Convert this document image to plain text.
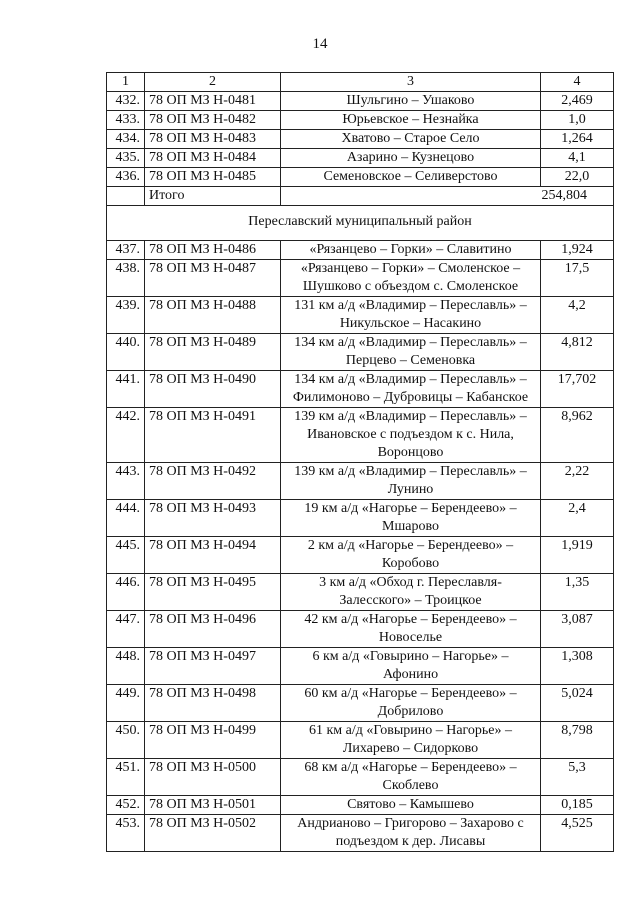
14
1	2	3	4
432.	78 ОП МЗ Н-0481	Шульгино – Ушаково	2,469
433.	78 ОП МЗ Н-0482	Юрьевское – Незнайка	1,0
434.	78 ОП МЗ Н-0483	Хватово – Старое Село	1,264
435.	78 ОП МЗ Н-0484	Азарино – Кузнецово	4,1
436.	78 ОП МЗ Н-0485	Семеновское – Селиверстово	22,0
	Итого	254,804	
Переславский муниципальный район			
437.	78 ОП МЗ Н-0486	«Рязанцево – Горки» – Славитино	1,924
438.	78 ОП МЗ Н-0487	«Рязанцево – Горки» – Смоленское – Шушково с объездом с. Смоленское	17,5
439.	78 ОП МЗ Н-0488	131 км а/д «Владимир – Переславль» – Никульское – Насакино	4,2
440.	78 ОП МЗ Н-0489	134 км а/д «Владимир – Переславль» – Перцево – Семеновка	4,812
441.	78 ОП МЗ Н-0490	134 км а/д «Владимир – Переславль» – Филимоново – Дубровицы – Кабанское	17,702
442.	78 ОП МЗ Н-0491	139 км а/д «Владимир – Переславль» – Ивановское с подъездом к с. Нила, Воронцово	8,962
443.	78 ОП МЗ Н-0492	139 км а/д «Владимир – Переславль» – Лунино	2,22
444.	78 ОП МЗ Н-0493	19 км а/д «Нагорье – Берендеево» – Мшарово	2,4
445.	78 ОП МЗ Н-0494	2 км а/д «Нагорье – Берендеево» – Коробово	1,919
446.	78 ОП МЗ Н-0495	3 км а/д «Обход г. Переславля-Залесского» – Троицкое	1,35
447.	78 ОП МЗ Н-0496	42 км а/д «Нагорье – Берендеево» – Новоселье	3,087
448.	78 ОП МЗ Н-0497	6 км а/д «Говырино – Нагорье» – Афонино	1,308
449.	78 ОП МЗ Н-0498	60 км а/д «Нагорье – Берендеево» – Добрилово	5,024
450.	78 ОП МЗ Н-0499	61 км а/д «Говырино – Нагорье» – Лихарево – Сидорково	8,798
451.	78 ОП МЗ Н-0500	68 км а/д «Нагорье – Берендеево» – Скоблево	5,3
452.	78 ОП МЗ Н-0501	Святово – Камышево	0,185
453.	78 ОП МЗ Н-0502	Андрианово – Григорово – Захарово с подъездом к дер. Лисавы	4,525
